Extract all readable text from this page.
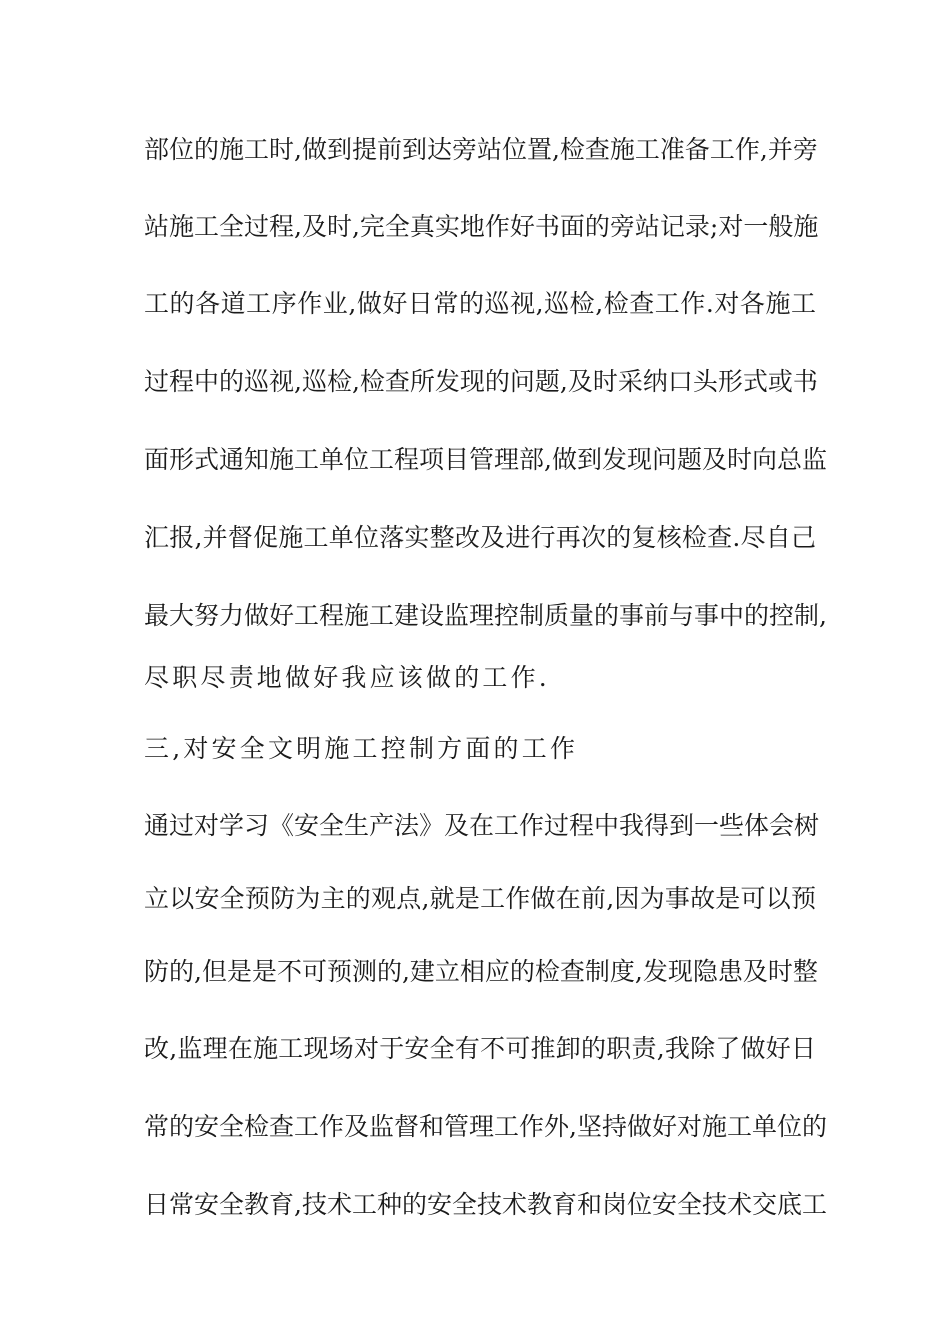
部位的施工时,做到提前到达旁站位置,检查施工准备工作,并旁
站施工全过程,及时,完全真实地作好书面的旁站记录;对一般施
工的各道工序作业,做好日常的巡视,巡检,检查工作.对各施工
过程中的巡视,巡检,检查所发现的问题,及时采纳口头形式或书
面形式通知施工单位工程项目管理部,做到发现问题及时向总监
汇报,并督促施工单位落实整改及进行再次的复核检查.尽自己
最大努力做好工程施工建设监理控制质量的事前与事中的控制,
尽职尽责地做好我应该做的工作.
三,对安全文明施工控制方面的工作
通过对学习《安全生产法》及在工作过程中我得到一些体会树
立以安全预防为主的观点,就是工作做在前,因为事故是可以预
防的,但是是不可预测的,建立相应的检查制度,发现隐患及时整
改,监理在施工现场对于安全有不可推卸的职责,我除了做好日
常的安全检查工作及监督和管理工作外,坚持做好对施工单位的
日常安全教育,技术工种的安全技术教育和岗位安全技术交底工
